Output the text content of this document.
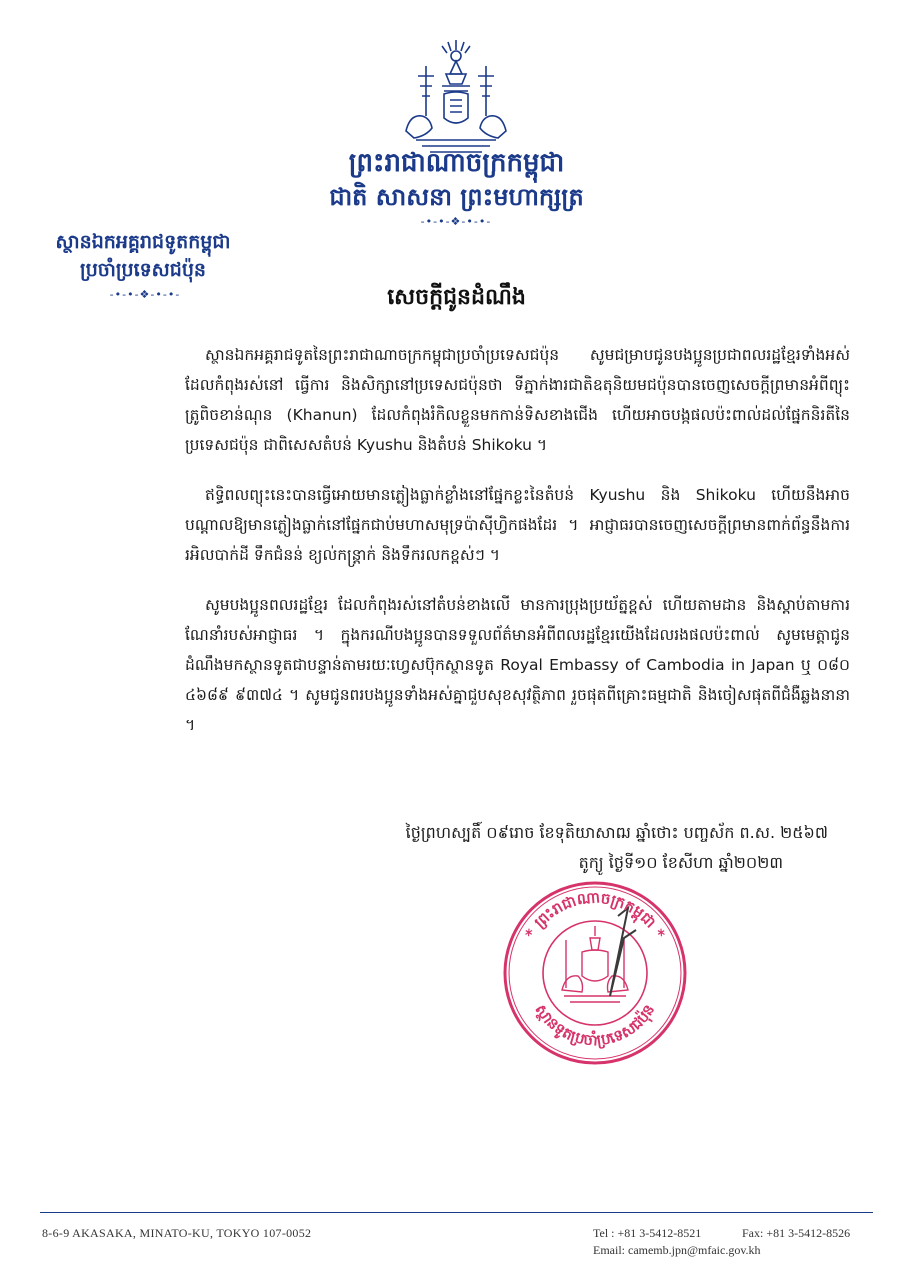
ព្រះរាជាណាចក្រកម្ពុជា
ជាតិ សាសនា ព្រះមហាក្សត្រ
-•-•-❖-•-•-
ស្ថានឯកអគ្គរាជទូតកម្ពុជា
ប្រចាំប្រទេសជប៉ុន
-•-•-❖-•-•-	សេចក្ដីជូនដំណឹង

ស្ថានឯកអគ្គរាជទូតនៃព្រះរាជាណាចក្រកម្ពុជាប្រចាំប្រទេសជប៉ុន សូមជម្រាបជូនបងប្អូនប្រជាពលរដ្ឋខ្មែរទាំងអស់ដែលកំពុងរស់នៅ ធ្វើការ និងសិក្សានៅប្រទេសជប៉ុនថា ទីភ្នាក់ងារជាតិឧតុនិយមជប៉ុនបានចេញសេចក្ដីព្រមានអំពីព្យុះត្រូពិចខាន់ណុន (Khanun) ដែលកំពុងរំកិលខ្លួនមកកាន់ទិសខាងជើង ហើយអាចបង្កផលប៉ះពាល់ដល់ផ្នែកនិរតីនៃប្រទេសជប៉ុន ជាពិសេសតំបន់ Kyushu និងតំបន់ Shikoku ។

ឥទ្ធិពលព្យុះនេះបានធ្វើអោយមានភ្លៀងធ្លាក់ខ្លាំងនៅផ្នែកខ្លះនៃតំបន់ Kyushu និង Shikoku ហើយនឹងអាចបណ្ដាលឱ្យមានភ្លៀងធ្លាក់នៅផ្នែកជាប់មហាសមុទ្រប៉ាស៊ីហ្វិកផងដែរ ។ អាជ្ញាធរបានចេញសេចក្ដីព្រមានពាក់ព័ន្ធនឹងការរអិលបាក់ដី ទឹកជំនន់ ខ្យល់កន្ត្រាក់ និងទឹករលកខ្ពស់ៗ ។

សូមបងប្អូនពលរដ្ឋខ្មែរ ដែលកំពុងរស់នៅតំបន់ខាងលើ មានការប្រុងប្រយ័ត្នខ្ពស់ ហើយតាមដាន និងស្ដាប់តាមការណែនាំរបស់អាជ្ញាធរ ។ ក្នុងករណីបងប្អូនបានទទួលព័ត៌មានអំពីពលរដ្ឋខ្មែរយើងដែលរងផលប៉ះពាល់ សូមមេត្តាជូនដំណឹងមកស្ថានទូតជាបន្ទាន់តាមរយៈហ្វេសប៊ុកស្ថានទូត Royal Embassy of Cambodia in Japan ឬ ០៨០ ៤៦៨៩ ៩៣៧៤ ។ សូមជូនពរបងប្អូនទាំងអស់គ្នាជួបសុខសុវត្ថិភាព រួចផុតពីគ្រោះធម្មជាតិ និងចៀសផុតពីជំងឺឆ្លងនានា ។

ថ្ងៃព្រហស្បតិ៍ ០៩រោច ខែទុតិយាសាឍ ឆ្នាំថោះ បញ្ចស័ក ព.ស. ២៥៦៧
តូក្យូ ថ្ងៃទី១០ ខែសីហា ឆ្នាំ២០២៣
* ព្រះរាជាណាចក្រកម្ពុជា *
ស្ថានទូតប្រចាំប្រទេសជប៉ុន
8-6-9 AKASAKA, MINATO-KU, TOKYO 107-0052	Tel : +81 3-5412-8521	Fax: +81 3-5412-8526
Email: camemb.jpn@mfaic.gov.kh
